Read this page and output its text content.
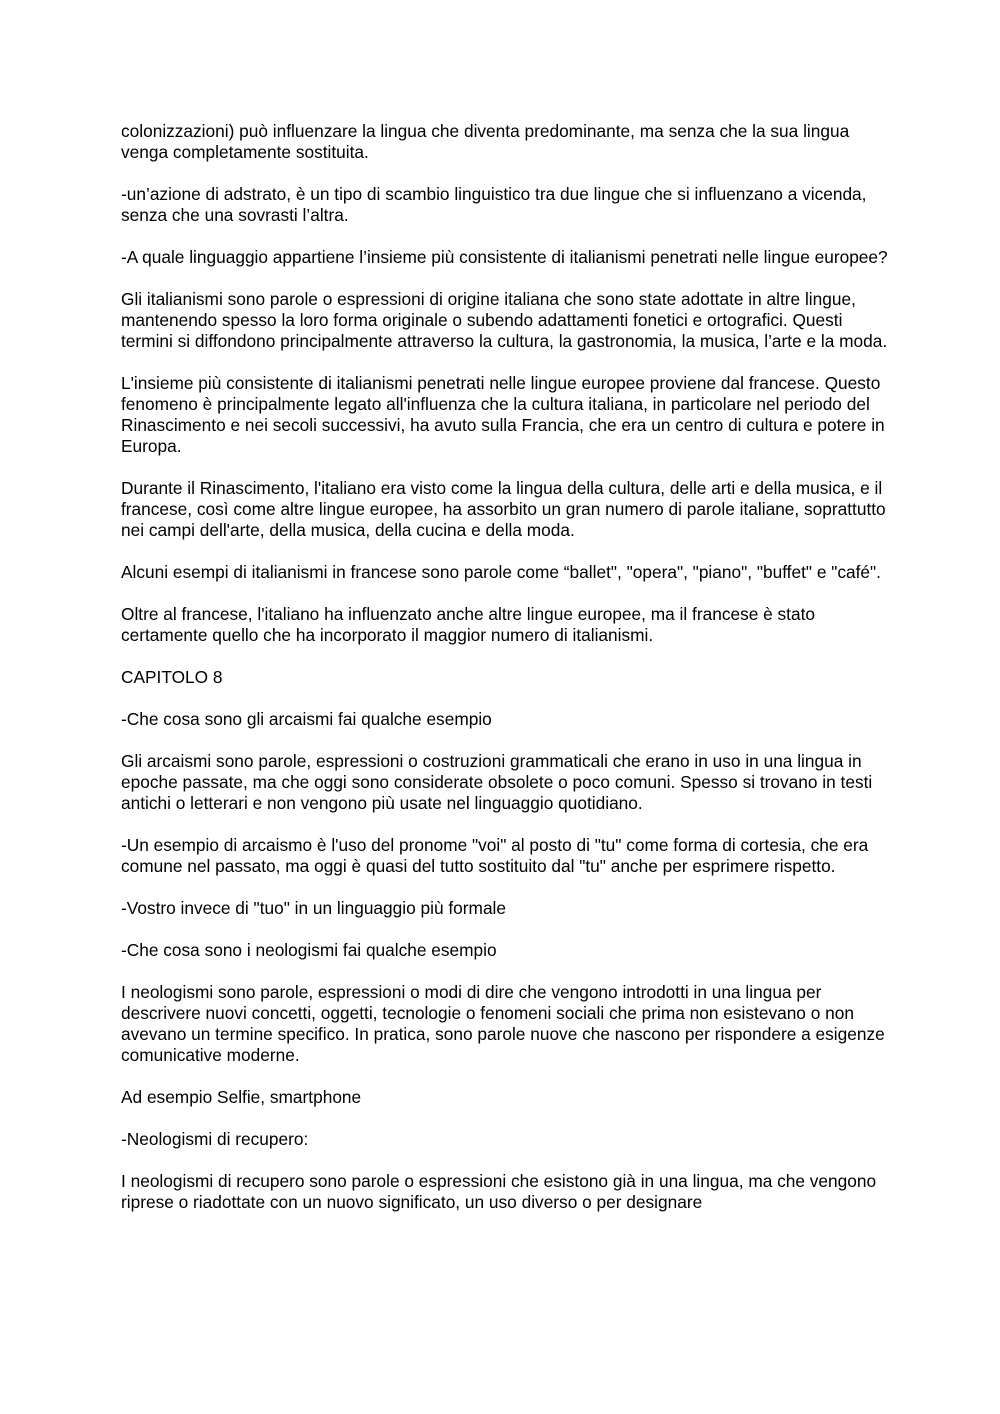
colonizzazioni) può influenzare la lingua che diventa predominante, ma senza che la sua lingua venga completamente sostituita.

-un’azione di adstrato, è un tipo di scambio linguistico tra due lingue che si influenzano a vicenda, senza che una sovrasti l’altra.

-A quale linguaggio appartiene l’insieme più consistente di italianismi penetrati nelle lingue europee?

Gli italianismi sono parole o espressioni di origine italiana che sono state adottate in altre lingue, mantenendo spesso la loro forma originale o subendo adattamenti fonetici e ortografici. Questi termini si diffondono principalmente attraverso la cultura, la gastronomia, la musica, l’arte e la moda.

L'insieme più consistente di italianismi penetrati nelle lingue europee proviene dal francese. Questo fenomeno è principalmente legato all'influenza che la cultura italiana, in particolare nel periodo del Rinascimento e nei secoli successivi, ha avuto sulla Francia, che era un centro di cultura e potere in Europa.

Durante il Rinascimento, l'italiano era visto come la lingua della cultura, delle arti e della musica, e il francese, così come altre lingue europee, ha assorbito un gran numero di parole italiane, soprattutto nei campi dell'arte, della musica, della cucina e della moda.

Alcuni esempi di italianismi in francese sono parole come “ballet", "opera", "piano", "buffet" e "café".

Oltre al francese, l'italiano ha influenzato anche altre lingue europee, ma il francese è stato certamente quello che ha incorporato il maggior numero di italianismi.

CAPITOLO 8

-Che cosa sono gli arcaismi fai qualche esempio

Gli arcaismi sono parole, espressioni o costruzioni grammaticali che erano in uso in una lingua in epoche passate, ma che oggi sono considerate obsolete o poco comuni. Spesso si trovano in testi antichi o letterari e non vengono più usate nel linguaggio quotidiano.

-Un esempio di arcaismo è l'uso del pronome "voi" al posto di "tu" come forma di cortesia, che era comune nel passato, ma oggi è quasi del tutto sostituito dal "tu" anche per esprimere rispetto.

-Vostro invece di "tuo" in un linguaggio più formale

-Che cosa sono i neologismi fai qualche esempio

I neologismi sono parole, espressioni o modi di dire che vengono introdotti in una lingua per descrivere nuovi concetti, oggetti, tecnologie o fenomeni sociali che prima non esistevano o non avevano un termine specifico. In pratica, sono parole nuove che nascono per rispondere a esigenze comunicative moderne.

Ad esempio Selfie, smartphone

-Neologismi di recupero:

I neologismi di recupero sono parole o espressioni che esistono già in una lingua, ma che vengono riprese o riadottate con un nuovo significato, un uso diverso o per designare
